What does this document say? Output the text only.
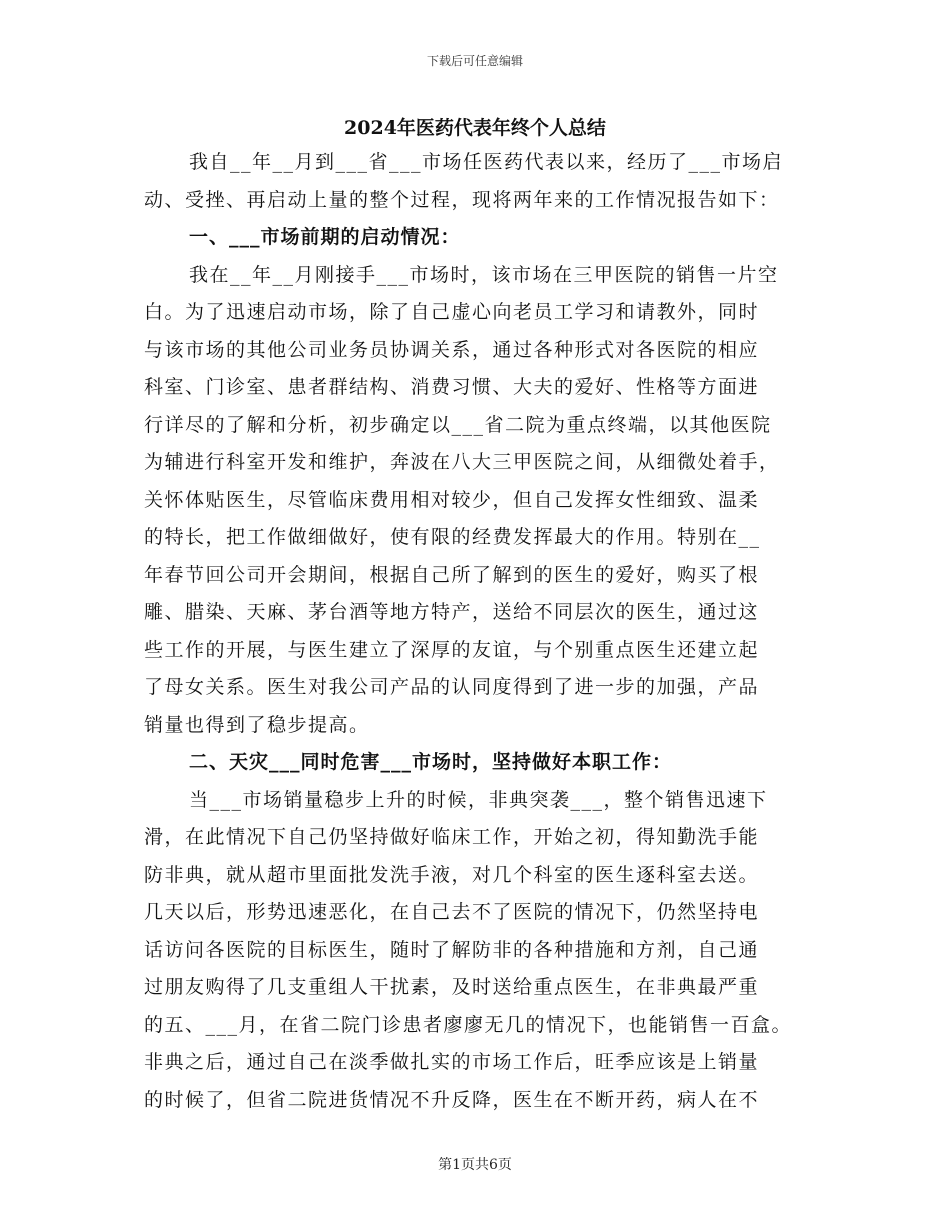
下载后可任意编辑
2024年医药代表年终个人总结
我自__年__月到___省___市场任医药代表以来，经历了___市场启
动、受挫、再启动上量的整个过程，现将两年来的工作情况报告如下：
一、___市场前期的启动情况：
我在__年__月刚接手___市场时，该市场在三甲医院的销售一片空
白。为了迅速启动市场，除了自己虚心向老员工学习和请教外，同时
与该市场的其他公司业务员协调关系，通过各种形式对各医院的相应
科室、门诊室、患者群结构、消费习惯、大夫的爱好、性格等方面进
行详尽的了解和分析，初步确定以___省二院为重点终端，以其他医院
为辅进行科室开发和维护，奔波在八大三甲医院之间，从细微处着手，
关怀体贴医生，尽管临床费用相对较少，但自己发挥女性细致、温柔
的特长，把工作做细做好，使有限的经费发挥最大的作用。特别在__
年春节回公司开会期间，根据自己所了解到的医生的爱好，购买了根
雕、腊染、天麻、茅台酒等地方特产，送给不同层次的医生，通过这
些工作的开展，与医生建立了深厚的友谊，与个别重点医生还建立起
了母女关系。医生对我公司产品的认同度得到了进一步的加强，产品
销量也得到了稳步提高。
二、天灾___同时危害___市场时，坚持做好本职工作：
当___市场销量稳步上升的时候，非典突袭___，整个销售迅速下
滑，在此情况下自己仍坚持做好临床工作，开始之初，得知勤洗手能
防非典，就从超市里面批发洗手液，对几个科室的医生逐科室去送。
几天以后，形势迅速恶化，在自己去不了医院的情况下，仍然坚持电
话访问各医院的目标医生，随时了解防非的各种措施和方剂，自己通
过朋友购得了几支重组人干扰素，及时送给重点医生，在非典最严重
的五、___月，在省二院门诊患者廖廖无几的情况下，也能销售一百盒。
非典之后，通过自己在淡季做扎实的市场工作后，旺季应该是上销量
的时候了，但省二院进货情况不升反降，医生在不断开药，病人在不
第1页共6页
